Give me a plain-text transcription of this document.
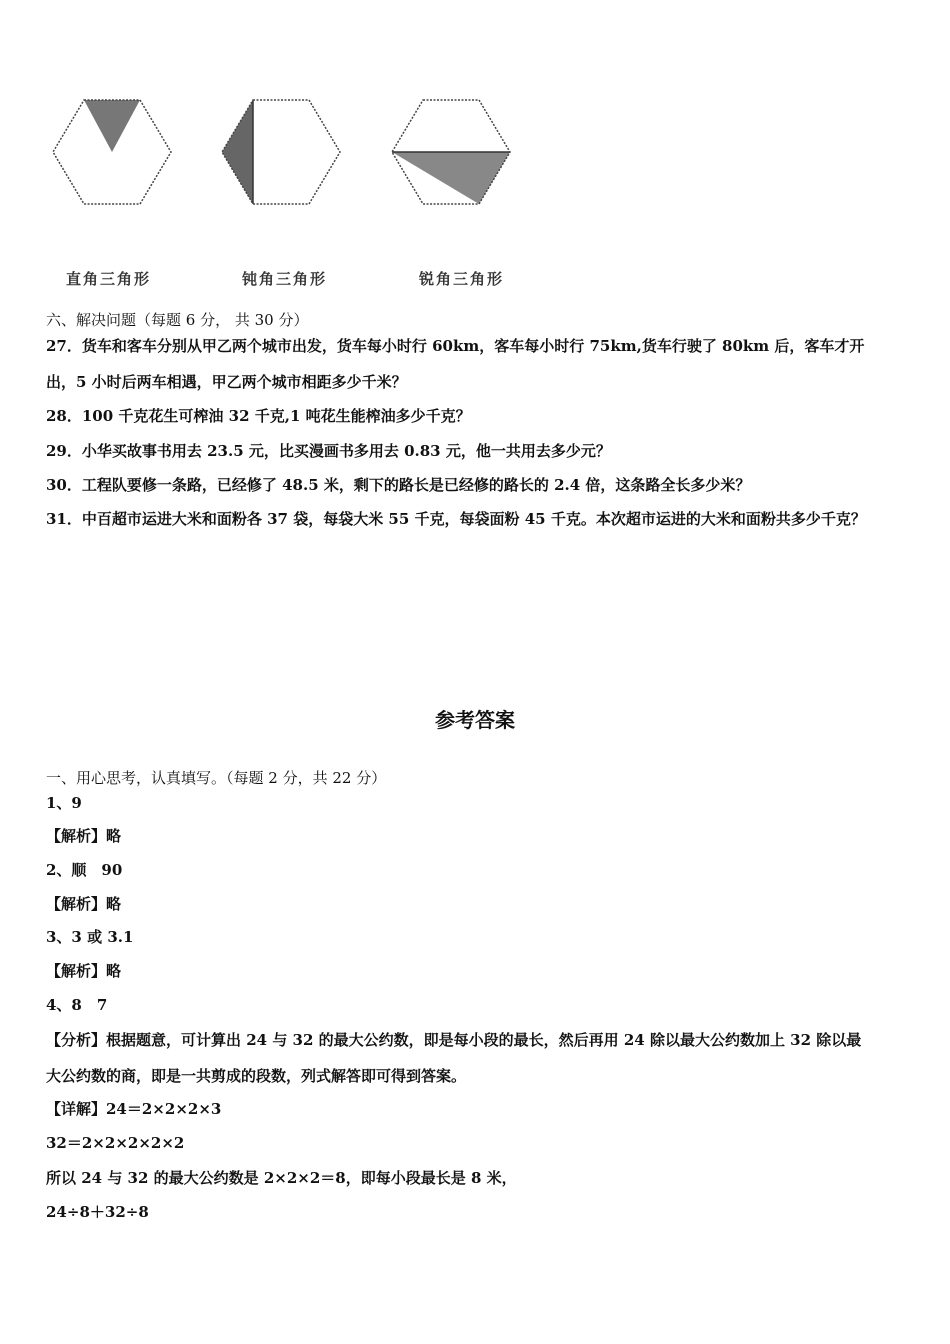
直角三角形	钝角三角形	锐角三角形
六、解决问题（每题 6 分， 共 30 分）
27．货车和客车分别从甲乙两个城市出发，货车每小时行 60km，客车每小时行 75km,货车行驶了 80km 后，客车才开
出，5 小时后两车相遇，甲乙两个城市相距多少千米？
28．100 千克花生可榨油 32 千克,1 吨花生能榨油多少千克？
29．小华买故事书用去 23.5 元，比买漫画书多用去 0.83 元，他一共用去多少元？
30．工程队要修一条路，已经修了 48.5 米，剩下的路长是已经修的路长的 2.4 倍，这条路全长多少米？
31．中百超市运进大米和面粉各 37 袋，每袋大米 55 千克，每袋面粉 45 千克。本次超市运进的大米和面粉共多少千克？
参考答案
一、用心思考，认真填写。（每题 2 分，共 22 分）
1、9
【解析】略
2、顺　90
【解析】略
3、3 或 3.1
【解析】略
4、8　7
【分析】根据题意，可计算出 24 与 32 的最大公约数，即是每小段的最长，然后再用 24 除以最大公约数加上 32 除以最
大公约数的商，即是一共剪成的段数，列式解答即可得到答案。
【详解】24＝2×2×2×3
32＝2×2×2×2×2
所以 24 与 32 的最大公约数是 2×2×2＝8，即每小段最长是 8 米，
24÷8＋32÷8
